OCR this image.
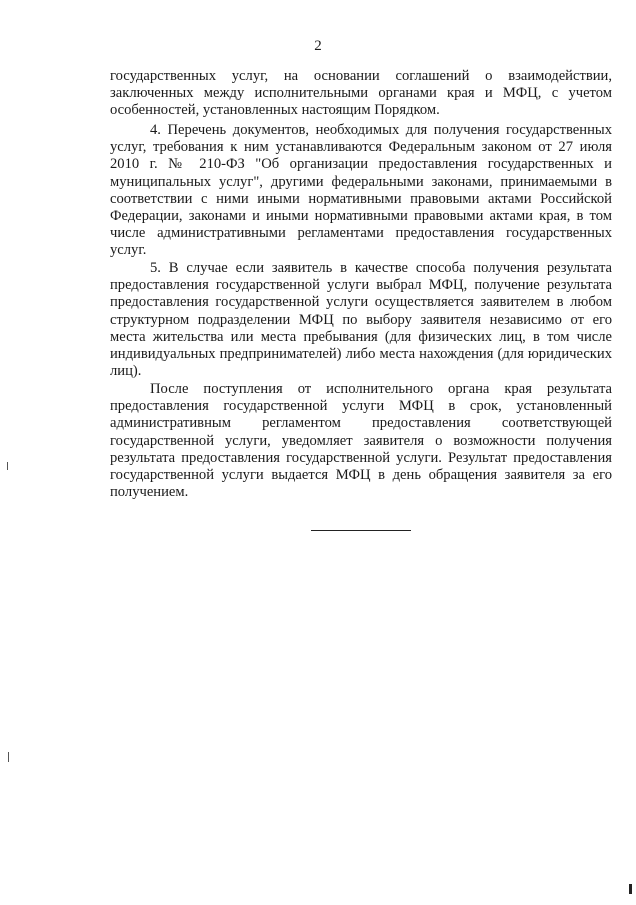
2
государственных услуг, на основании соглашений о взаимодействии,
заключенных между исполнительными органами края и МФЦ, с учетом
особенностей, установленных настоящим Порядком.
4. Перечень документов, необходимых для получения государственных
услуг, требования к ним устанавливаются Федеральным законом от 27 июля
2010 г. № 210-ФЗ "Об организации предоставления государственных и
муниципальных услуг", другими федеральными законами, принимаемыми в
соответствии с ними иными нормативными правовыми актами Российской
Федерации, законами и иными нормативными правовыми актами края, в том
числе административными регламентами предоставления государственных
услуг.
5. В случае если заявитель в качестве способа получения результата
предоставления государственной услуги выбрал МФЦ, получение результата
предоставления государственной услуги осуществляется заявителем в любом
структурном подразделении МФЦ по выбору заявителя независимо от его
места жительства или места пребывания (для физических лиц, в том числе
индивидуальных предпринимателей) либо места нахождения (для юридических
лиц).
После поступления от исполнительного органа края результата
предоставления государственной услуги МФЦ в срок, установленный
административным регламентом предоставления соответствующей
государственной услуги, уведомляет заявителя о возможности получения
результата предоставления государственной услуги. Результат предоставления
государственной услуги выдается МФЦ в день обращения заявителя за его
получением.
